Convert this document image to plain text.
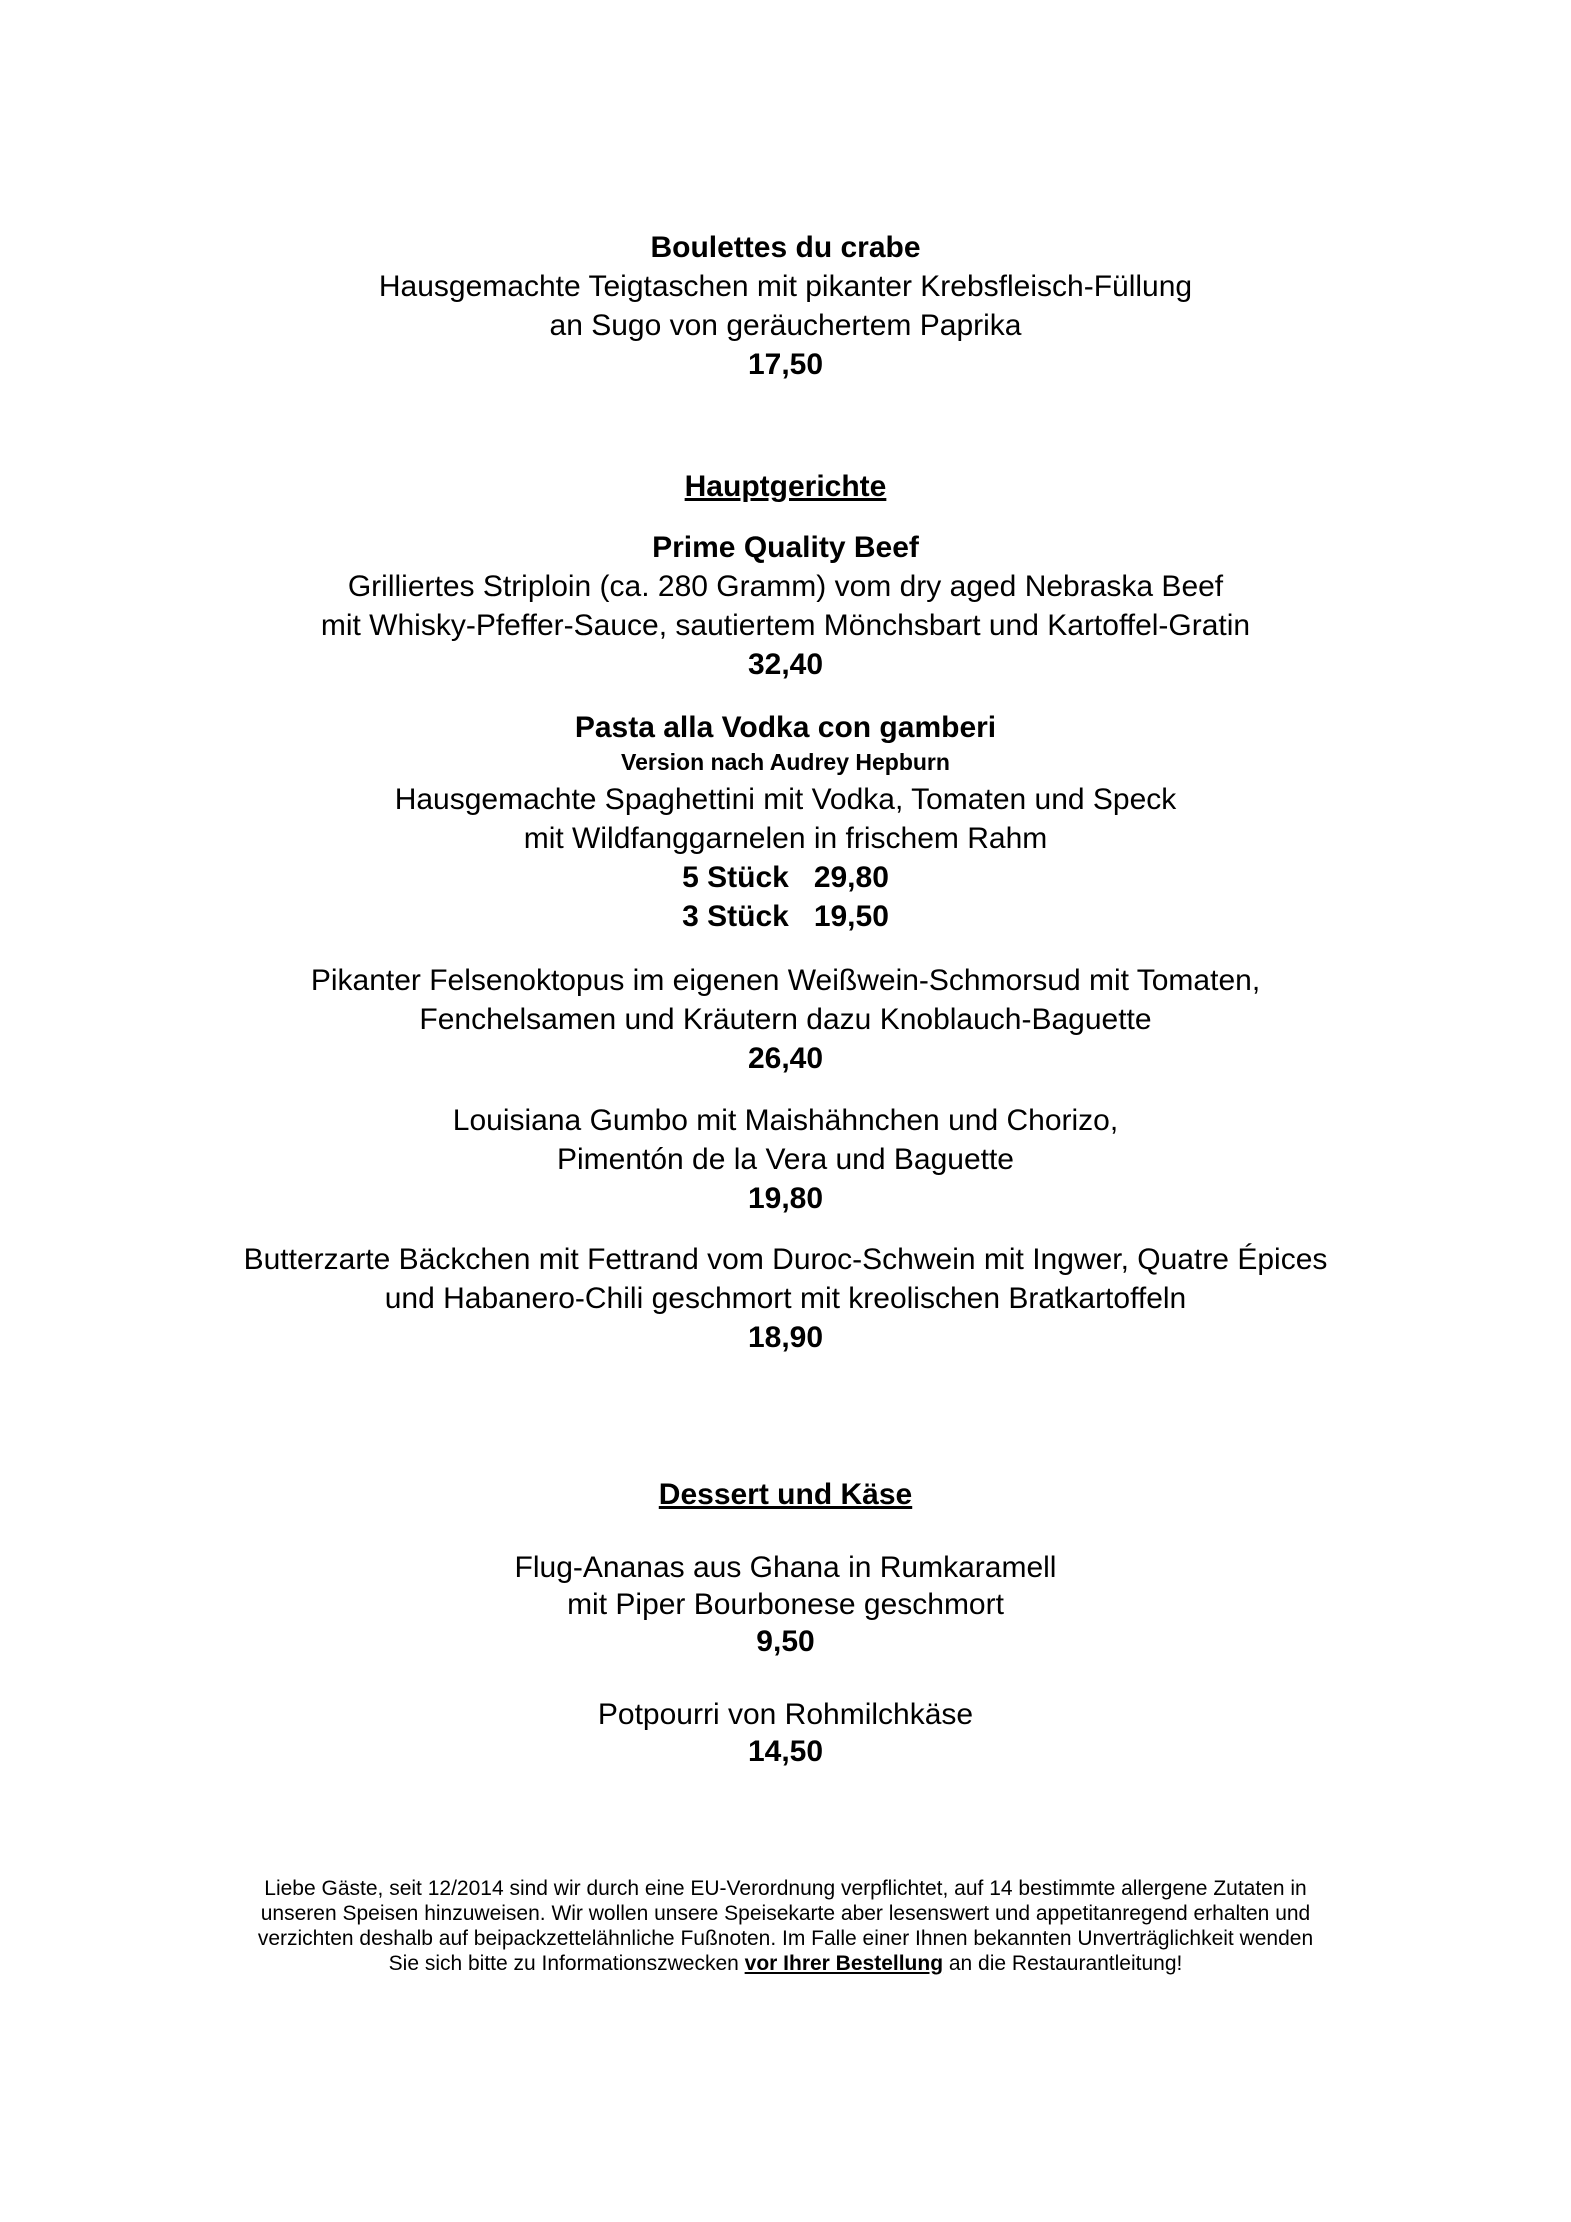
Boulettes du crabe
Hausgemachte Teigtaschen mit pikanter Krebsfleisch-Füllung
an Sugo von geräuchertem Paprika
17,50
Hauptgerichte
Prime Quality Beef
Grilliertes Striploin (ca. 280 Gramm) vom dry aged Nebraska Beef
mit Whisky-Pfeffer-Sauce, sautiertem Mönchsbart und Kartoffel-Gratin
32,40
Pasta alla Vodka con gamberi
Version nach Audrey Hepburn
Hausgemachte Spaghettini mit Vodka, Tomaten und Speck
mit Wildfanggarnelen in frischem Rahm
5 Stück   29,80
3 Stück   19,50
Pikanter Felsenoktopus im eigenen Weißwein-Schmorsud mit Tomaten,
Fenchelsamen und Kräutern dazu Knoblauch-Baguette
26,40
Louisiana Gumbo mit Maishähnchen und Chorizo,
Pimentón de la Vera und Baguette
19,80
Butterzarte Bäckchen mit Fettrand vom Duroc-Schwein mit Ingwer, Quatre Épices
und Habanero-Chili geschmort mit kreolischen Bratkartoffeln
18,90
Dessert und Käse
Flug-Ananas aus Ghana in Rumkaramell
mit Piper Bourbonese geschmort
9,50
Potpourri von Rohmilchkäse
14,50
Liebe Gäste, seit 12/2014 sind wir durch eine EU-Verordnung verpflichtet, auf 14 bestimmte allergene Zutaten in
unseren Speisen hinzuweisen. Wir wollen unsere Speisekarte aber lesenswert und appetitanregend erhalten und
verzichten deshalb auf beipackzettelähnliche Fußnoten. Im Falle einer Ihnen bekannten Unverträglichkeit wenden
Sie sich bitte zu Informationszwecken vor Ihrer Bestellung an die Restaurantleitung!
